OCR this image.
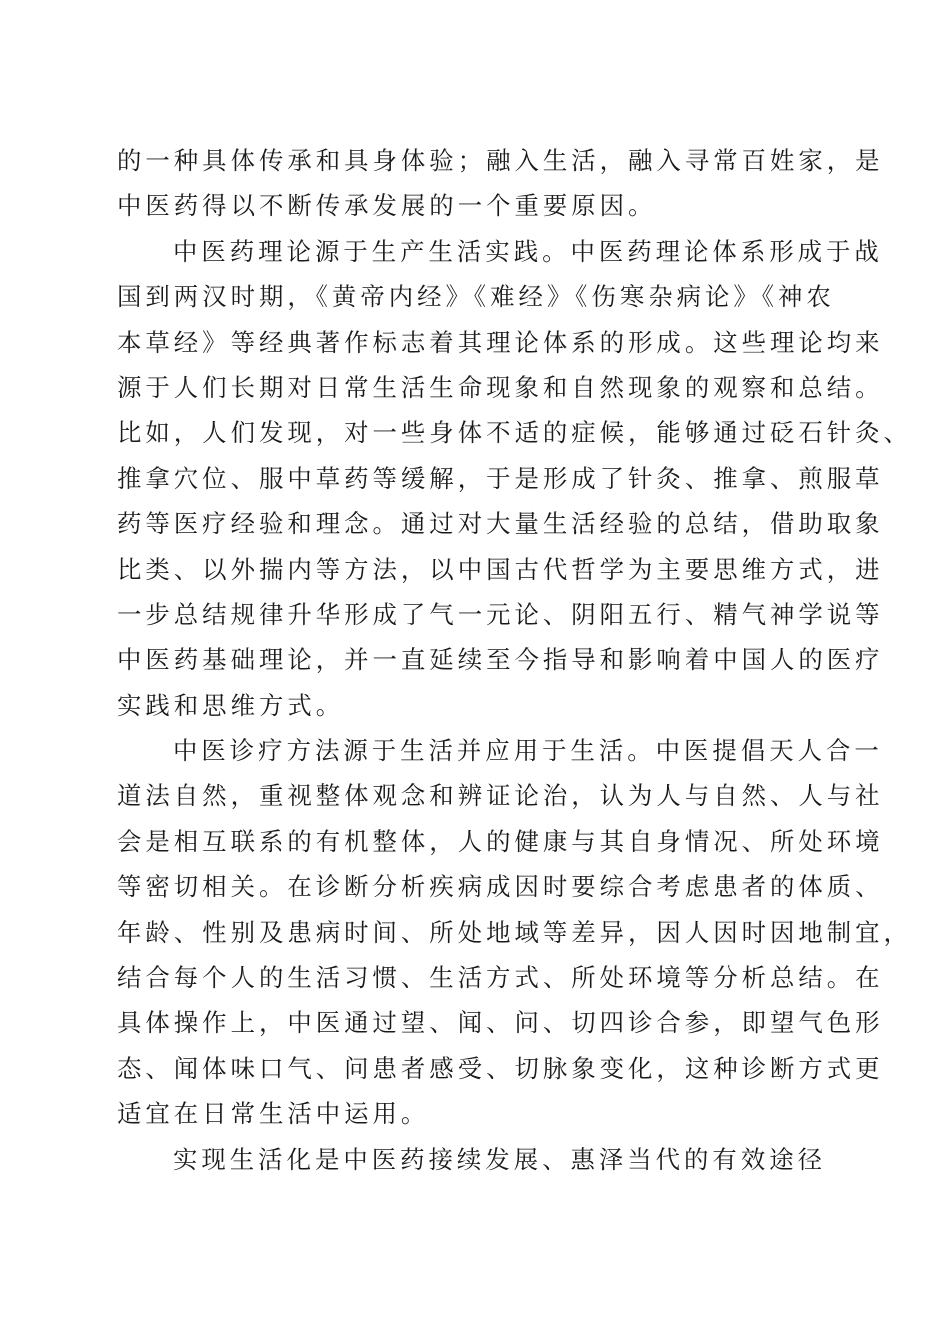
的一种具体传承和具身体验；融入生活，融入寻常百姓家，是
中医药得以不断传承发展的一个重要原因。
中医药理论源于生产生活实践。中医药理论体系形成于战
国到两汉时期，《黄帝内经》《难经》《伤寒杂病论》《神农
本草经》等经典著作标志着其理论体系的形成。这些理论均来
源于人们长期对日常生活生命现象和自然现象的观察和总结。
比如，人们发现，对一些身体不适的症候，能够通过砭石针灸、
推拿穴位、服中草药等缓解，于是形成了针灸、推拿、煎服草
药等医疗经验和理念。通过对大量生活经验的总结，借助取象
比类、以外揣内等方法，以中国古代哲学为主要思维方式，进
一步总结规律升华形成了气一元论、阴阳五行、精气神学说等
中医药基础理论，并一直延续至今指导和影响着中国人的医疗
实践和思维方式。
中医诊疗方法源于生活并应用于生活。中医提倡天人合一
道法自然，重视整体观念和辨证论治，认为人与自然、人与社
会是相互联系的有机整体，人的健康与其自身情况、所处环境
等密切相关。在诊断分析疾病成因时要综合考虑患者的体质、
年龄、性别及患病时间、所处地域等差异，因人因时因地制宜，
结合每个人的生活习惯、生活方式、所处环境等分析总结。在
具体操作上，中医通过望、闻、问、切四诊合参，即望气色形
态、闻体味口气、问患者感受、切脉象变化，这种诊断方式更
适宜在日常生活中运用。
实现生活化是中医药接续发展、惠泽当代的有效途径
